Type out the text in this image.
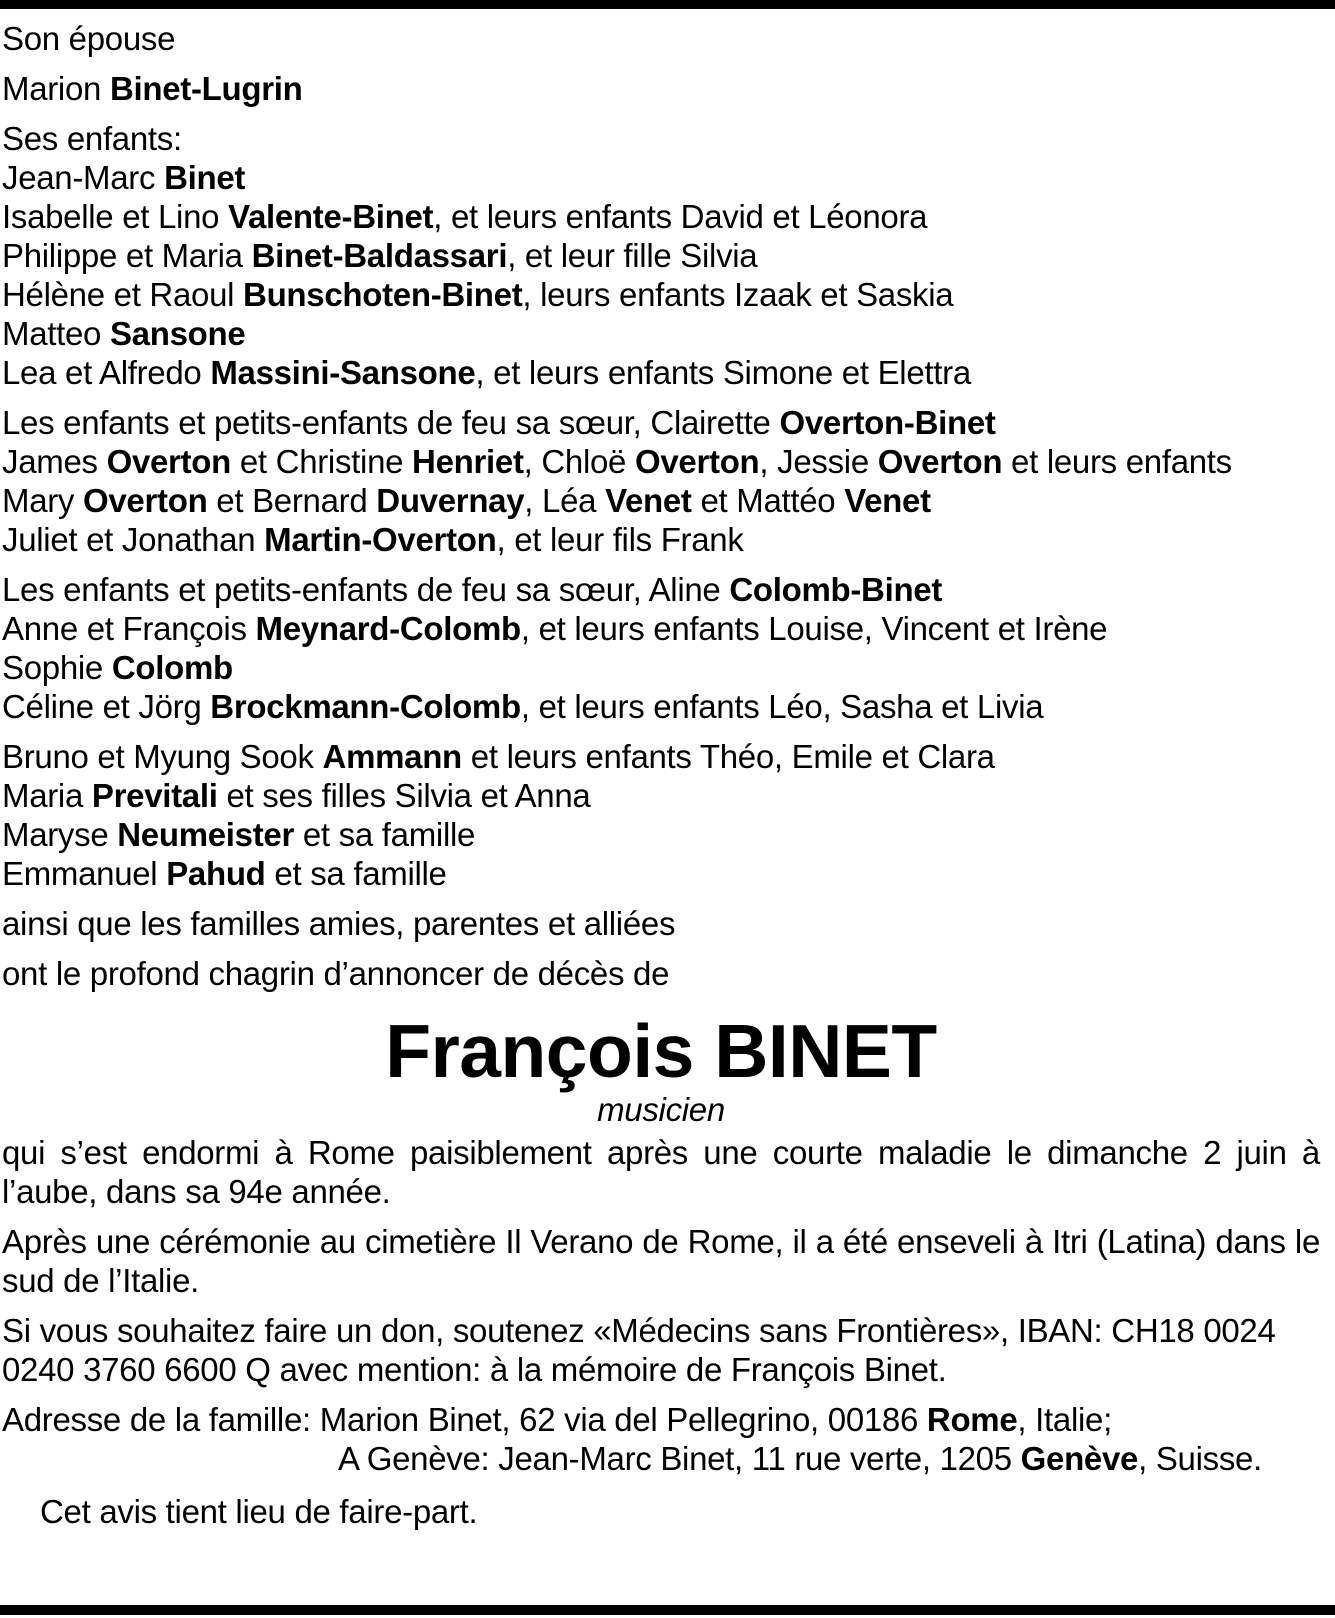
Son épouse
Marion Binet-Lugrin
Ses enfants:
Jean-Marc Binet
Isabelle et Lino Valente-Binet, et leurs enfants David et Léonora
Philippe et Maria Binet-Baldassari, et leur fille Silvia
Hélène et Raoul Bunschoten-Binet, leurs enfants Izaak et Saskia
Matteo Sansone
Lea et Alfredo Massini-Sansone, et leurs enfants Simone et Elettra
Les enfants et petits-enfants de feu sa sœur, Clairette Overton-Binet
James Overton et Christine Henriet, Chloë Overton, Jessie Overton et leurs enfants
Mary Overton et Bernard Duvernay, Léa Venet et Mattéo Venet
Juliet et Jonathan Martin-Overton, et leur fils Frank
Les enfants et petits-enfants de feu sa sœur, Aline Colomb-Binet
Anne et François Meynard-Colomb, et leurs enfants Louise, Vincent et Irène
Sophie Colomb
Céline et Jörg Brockmann-Colomb, et leurs enfants Léo, Sasha et Livia
Bruno et Myung Sook Ammann et leurs enfants Théo, Emile et Clara
Maria Previtali et ses filles Silvia et Anna
Maryse Neumeister et sa famille
Emmanuel Pahud et sa famille
ainsi que les familles amies, parentes et alliées
ont le profond chagrin d’annoncer de décès de
François BINET
musicien
qui s’est endormi à Rome paisiblement après une courte maladie le dimanche 2 juin à l’aube, dans sa 94e année.
Après une cérémonie au cimetière Il Verano de Rome, il a été enseveli à Itri (Latina) dans le sud de l’Italie.
Si vous souhaitez faire un don, soutenez «Médecins sans Frontières», IBAN: CH18 0024
0240 3760 6600 Q avec mention: à la mémoire de François Binet.
Adresse de la famille: Marion Binet, 62 via del Pellegrino, 00186 Rome, Italie;
A Genève: Jean-Marc Binet, 11 rue verte, 1205 Genève, Suisse.
Cet avis tient lieu de faire-part.
